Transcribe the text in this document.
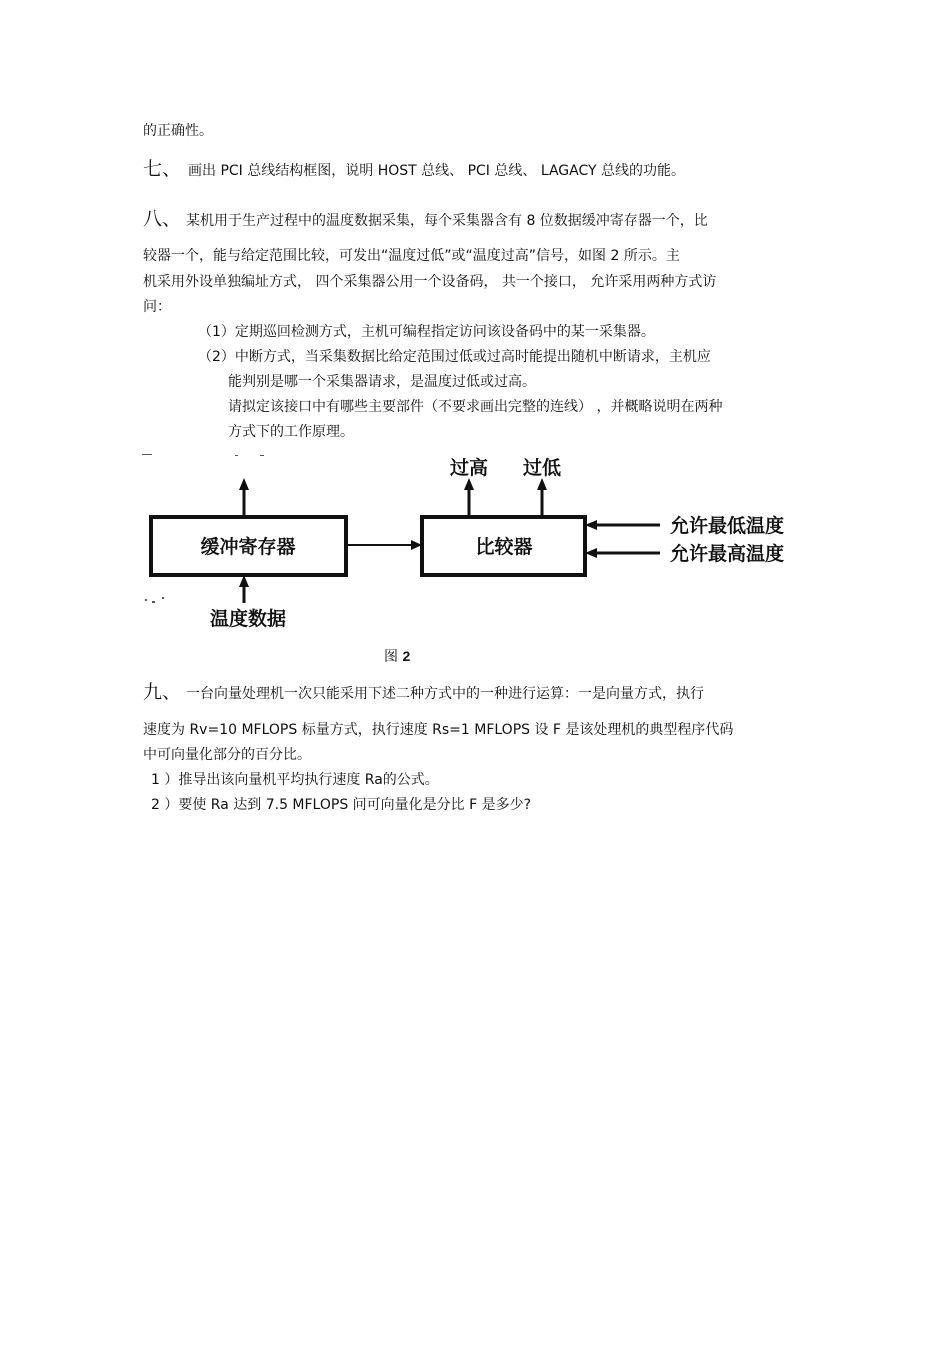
的正确性。
七、 画出 PCI 总线结构框图，说明 HOST 总线、 PCI 总线、 LAGACY 总线的功能。
八、 某机用于生产过程中的温度数据采集，每个采集器含有 8 位数据缓冲寄存器一个，比
较器一个，能与给定范围比较，可发出“温度过低”或“温度过高”信号，如图 2 所示。主
机采用外设单独编址方式， 四个采集器公用一个设备码， 共一个接口， 允许采用两种方式访
问：
（1）定期巡回检测方式，主机可编程指定访问该设备码中的某一采集器。
（2）中断方式，当采集数据比给定范围过低或过高时能提出随机中断请求，主机应
能判别是哪一个采集器请求，是温度过低或过高。
请拟定该接口中有哪些主要部件（不要求画出完整的连线） ，并概略说明在两种
方式下的工作原理。
缓冲寄存器	比较器
温度数据
过高 过低
允许最低温度
允许最高温度
图 2
九、 一台向量处理机一次只能采用下述二种方式中的一种进行运算：一是向量方式，执行
速度为 Rv=10 MFLOPS 标量方式，执行速度 Rs=1 MFLOPS 设 F 是该处理机的典型程序代码
中可向量化部分的百分比。
1 ）推导出该向量机平均执行速度 Ra的公式。
2 ）要使 Ra 达到 7.5 MFLOPS 问可向量化是分比 F 是多少?
